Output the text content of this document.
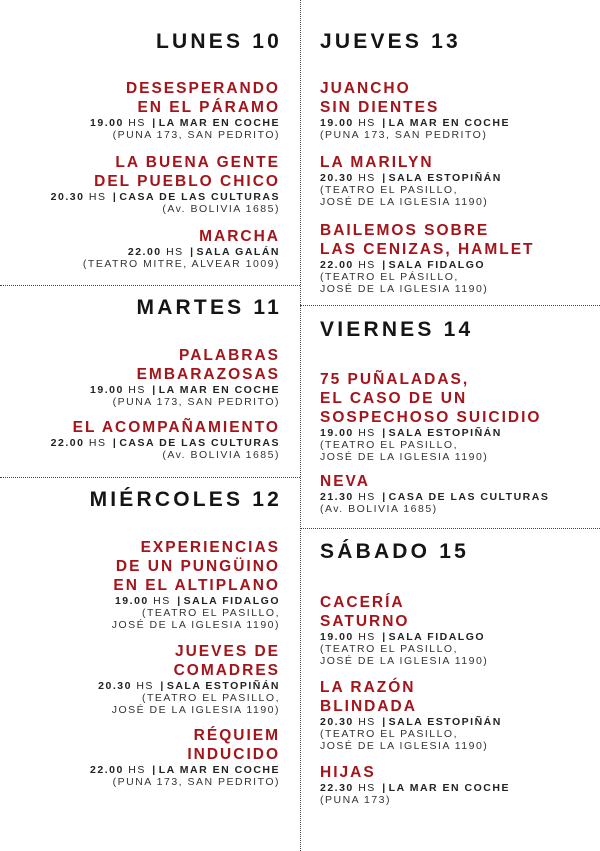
LUNES 10

DESESPERANDO

EN EL PÁRAMO

19.00 HS | LA MAR EN COCHE

(PUNA 173, SAN PEDRITO)

LA BUENA GENTE

DEL PUEBLO CHICO

20.30 HS | CASA DE LAS CULTURAS

(Av. BOLIVIA 1685)

MARCHA

22.00 HS | SALA GALÁN

(TEATRO MITRE, ALVEAR 1009)

MARTES 11

PALABRAS

EMBARAZOSAS

19.00 HS | LA MAR EN COCHE

(PUNA 173, SAN PEDRITO)

EL ACOMPAÑAMIENTO

22.00 HS | CASA DE LAS CULTURAS

(Av. BOLIVIA 1685)

MIÉRCOLES 12

EXPERIENCIAS

DE UN PUNGÜINO

EN EL ALTIPLANO

19.00 HS | SALA FIDALGO

(TEATRO EL PASILLO,

JOSÉ DE LA IGLESIA 1190)

JUEVES DE

COMADRES

20.30 HS | SALA ESTOPIÑÁN

(TEATRO EL PASILLO,

JOSÉ DE LA IGLESIA 1190)

RÉQUIEM

INDUCIDO

22.00 HS | LA MAR EN COCHE

(PUNA 173, SAN PEDRITO)

JUEVES 13

JUANCHO

SIN DIENTES

19.00 HS | LA MAR EN COCHE

(PUNA 173, SAN PEDRITO)

LA MARILYN

20.30 HS | SALA ESTOPIÑÁN

(TEATRO EL PASILLO,

JOSÉ DE LA IGLESIA 1190)

BAILEMOS SOBRE

LAS CENIZAS, HAMLET

22.00 HS | SALA FIDALGO

(TEATRO EL PÁSILLO,

JOSÉ DE LA IGLESIA 1190)

VIERNES 14

75 PUÑALADAS,

EL CASO DE UN

SOSPECHOSO SUICIDIO

19.00 HS | SALA ESTOPIÑÁN

(TEATRO EL PASILLO,

JOSÉ DE LA IGLESIA 1190)

NEVA

21.30 HS | CASA DE LAS CULTURAS

(Av. BOLIVIA 1685)

SÁBADO 15

CACERÍA

SATURNO

19.00 HS | SALA FIDALGO

(TEATRO EL PASILLO,

JOSÉ DE LA IGLESIA 1190)

LA RAZÓN

BLINDADA

20.30 HS | SALA ESTOPIÑÁN

(TEATRO EL PASILLO,

JOSÉ DE LA IGLESIA 1190)

HIJAS

22.30 HS | LA MAR EN COCHE

(PUNA 173)
